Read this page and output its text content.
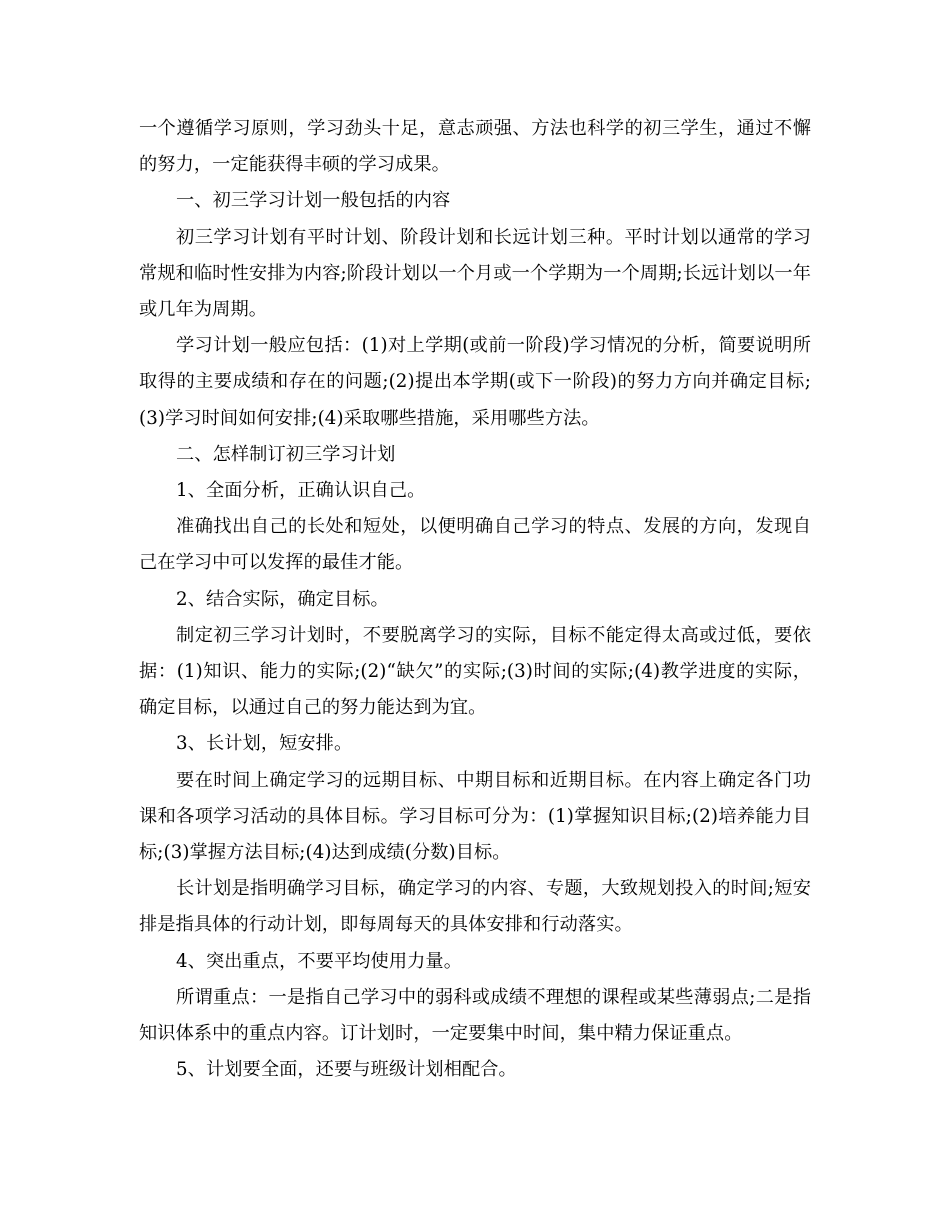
一个遵循学习原则，学习劲头十足，意志顽强、方法也科学的初三学生，通过不懈的努力，一定能获得丰硕的学习成果。

一、初三学习计划一般包括的内容

初三学习计划有平时计划、阶段计划和长远计划三种。平时计划以通常的学习常规和临时性安排为内容;阶段计划以一个月或一个学期为一个周期;长远计划以一年或几年为周期。

学习计划一般应包括：(1)对上学期(或前一阶段)学习情况的分析，简要说明所取得的主要成绩和存在的问题;(2)提出本学期(或下一阶段)的努力方向并确定目标;(3)学习时间如何安排;(4)采取哪些措施，采用哪些方法。

二、怎样制订初三学习计划

1、全面分析，正确认识自己。

准确找出自己的长处和短处，以便明确自己学习的特点、发展的方向，发现自己在学习中可以发挥的最佳才能。

2、结合实际，确定目标。

制定初三学习计划时，不要脱离学习的实际，目标不能定得太高或过低，要依据：(1)知识、能力的实际;(2)“缺欠”的实际;(3)时间的实际;(4)教学进度的实际，确定目标，以通过自己的努力能达到为宜。

3、长计划，短安排。

要在时间上确定学习的远期目标、中期目标和近期目标。在内容上确定各门功课和各项学习活动的具体目标。学习目标可分为：(1)掌握知识目标;(2)培养能力目标;(3)掌握方法目标;(4)达到成绩(分数)目标。

长计划是指明确学习目标，确定学习的内容、专题，大致规划投入的时间;短安排是指具体的行动计划，即每周每天的具体安排和行动落实。

4、突出重点，不要平均使用力量。

所谓重点：一是指自己学习中的弱科或成绩不理想的课程或某些薄弱点;二是指知识体系中的重点内容。订计划时，一定要集中时间，集中精力保证重点。

5、计划要全面，还要与班级计划相配合。
